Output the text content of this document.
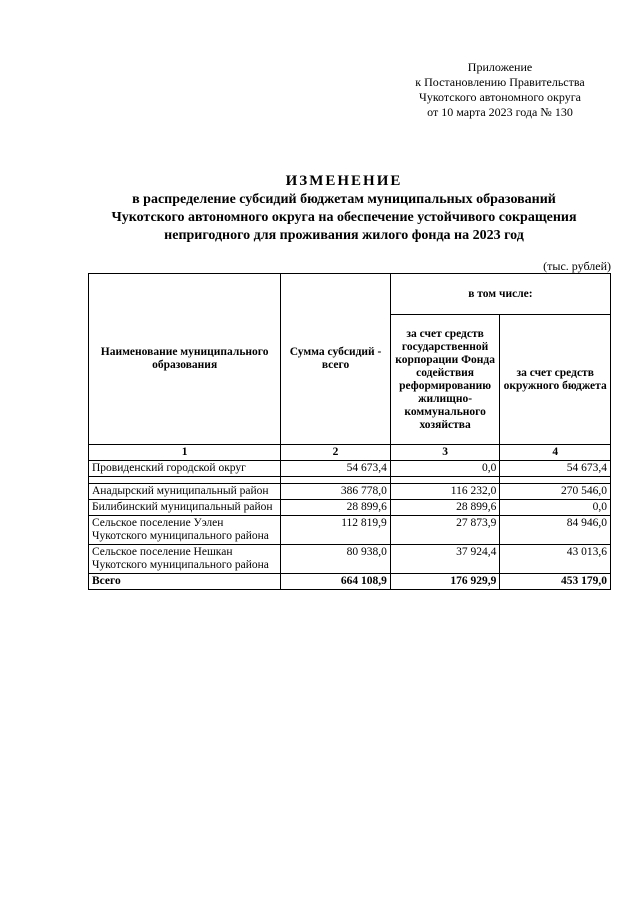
Приложение
к Постановлению Правительства
Чукотского автономного округа
от 10 марта 2023 года № 130
ИЗМЕНЕНИЕ
в распределение субсидий бюджетам муниципальных образований
Чукотского автономного округа на обеспечение устойчивого сокращения
непригодного для проживания жилого фонда на 2023 год
(тыс. рублей)
Наименование муниципального образования	Сумма субсидий - всего	в том числе:	
		за счет средств государственной корпорации Фонда содействия реформированию жилищно-коммунального хозяйства	за счет средств окружного бюджета
1	2	3	4
Провиденский городской округ	54 673,4	0,0	54 673,4

Анадырский муниципальный район	386 778,0	116 232,0	270 546,0
Билибинский муниципальный район	28 899,6	28 899,6	0,0
Сельское поселение Уэлен Чукотского муниципального района	112 819,9	27 873,9	84 946,0
Сельское поселение Нешкан Чукотского муниципального района	80 938,0	37 924,4	43 013,6
Всего	664 108,9	176 929,9	453 179,0
